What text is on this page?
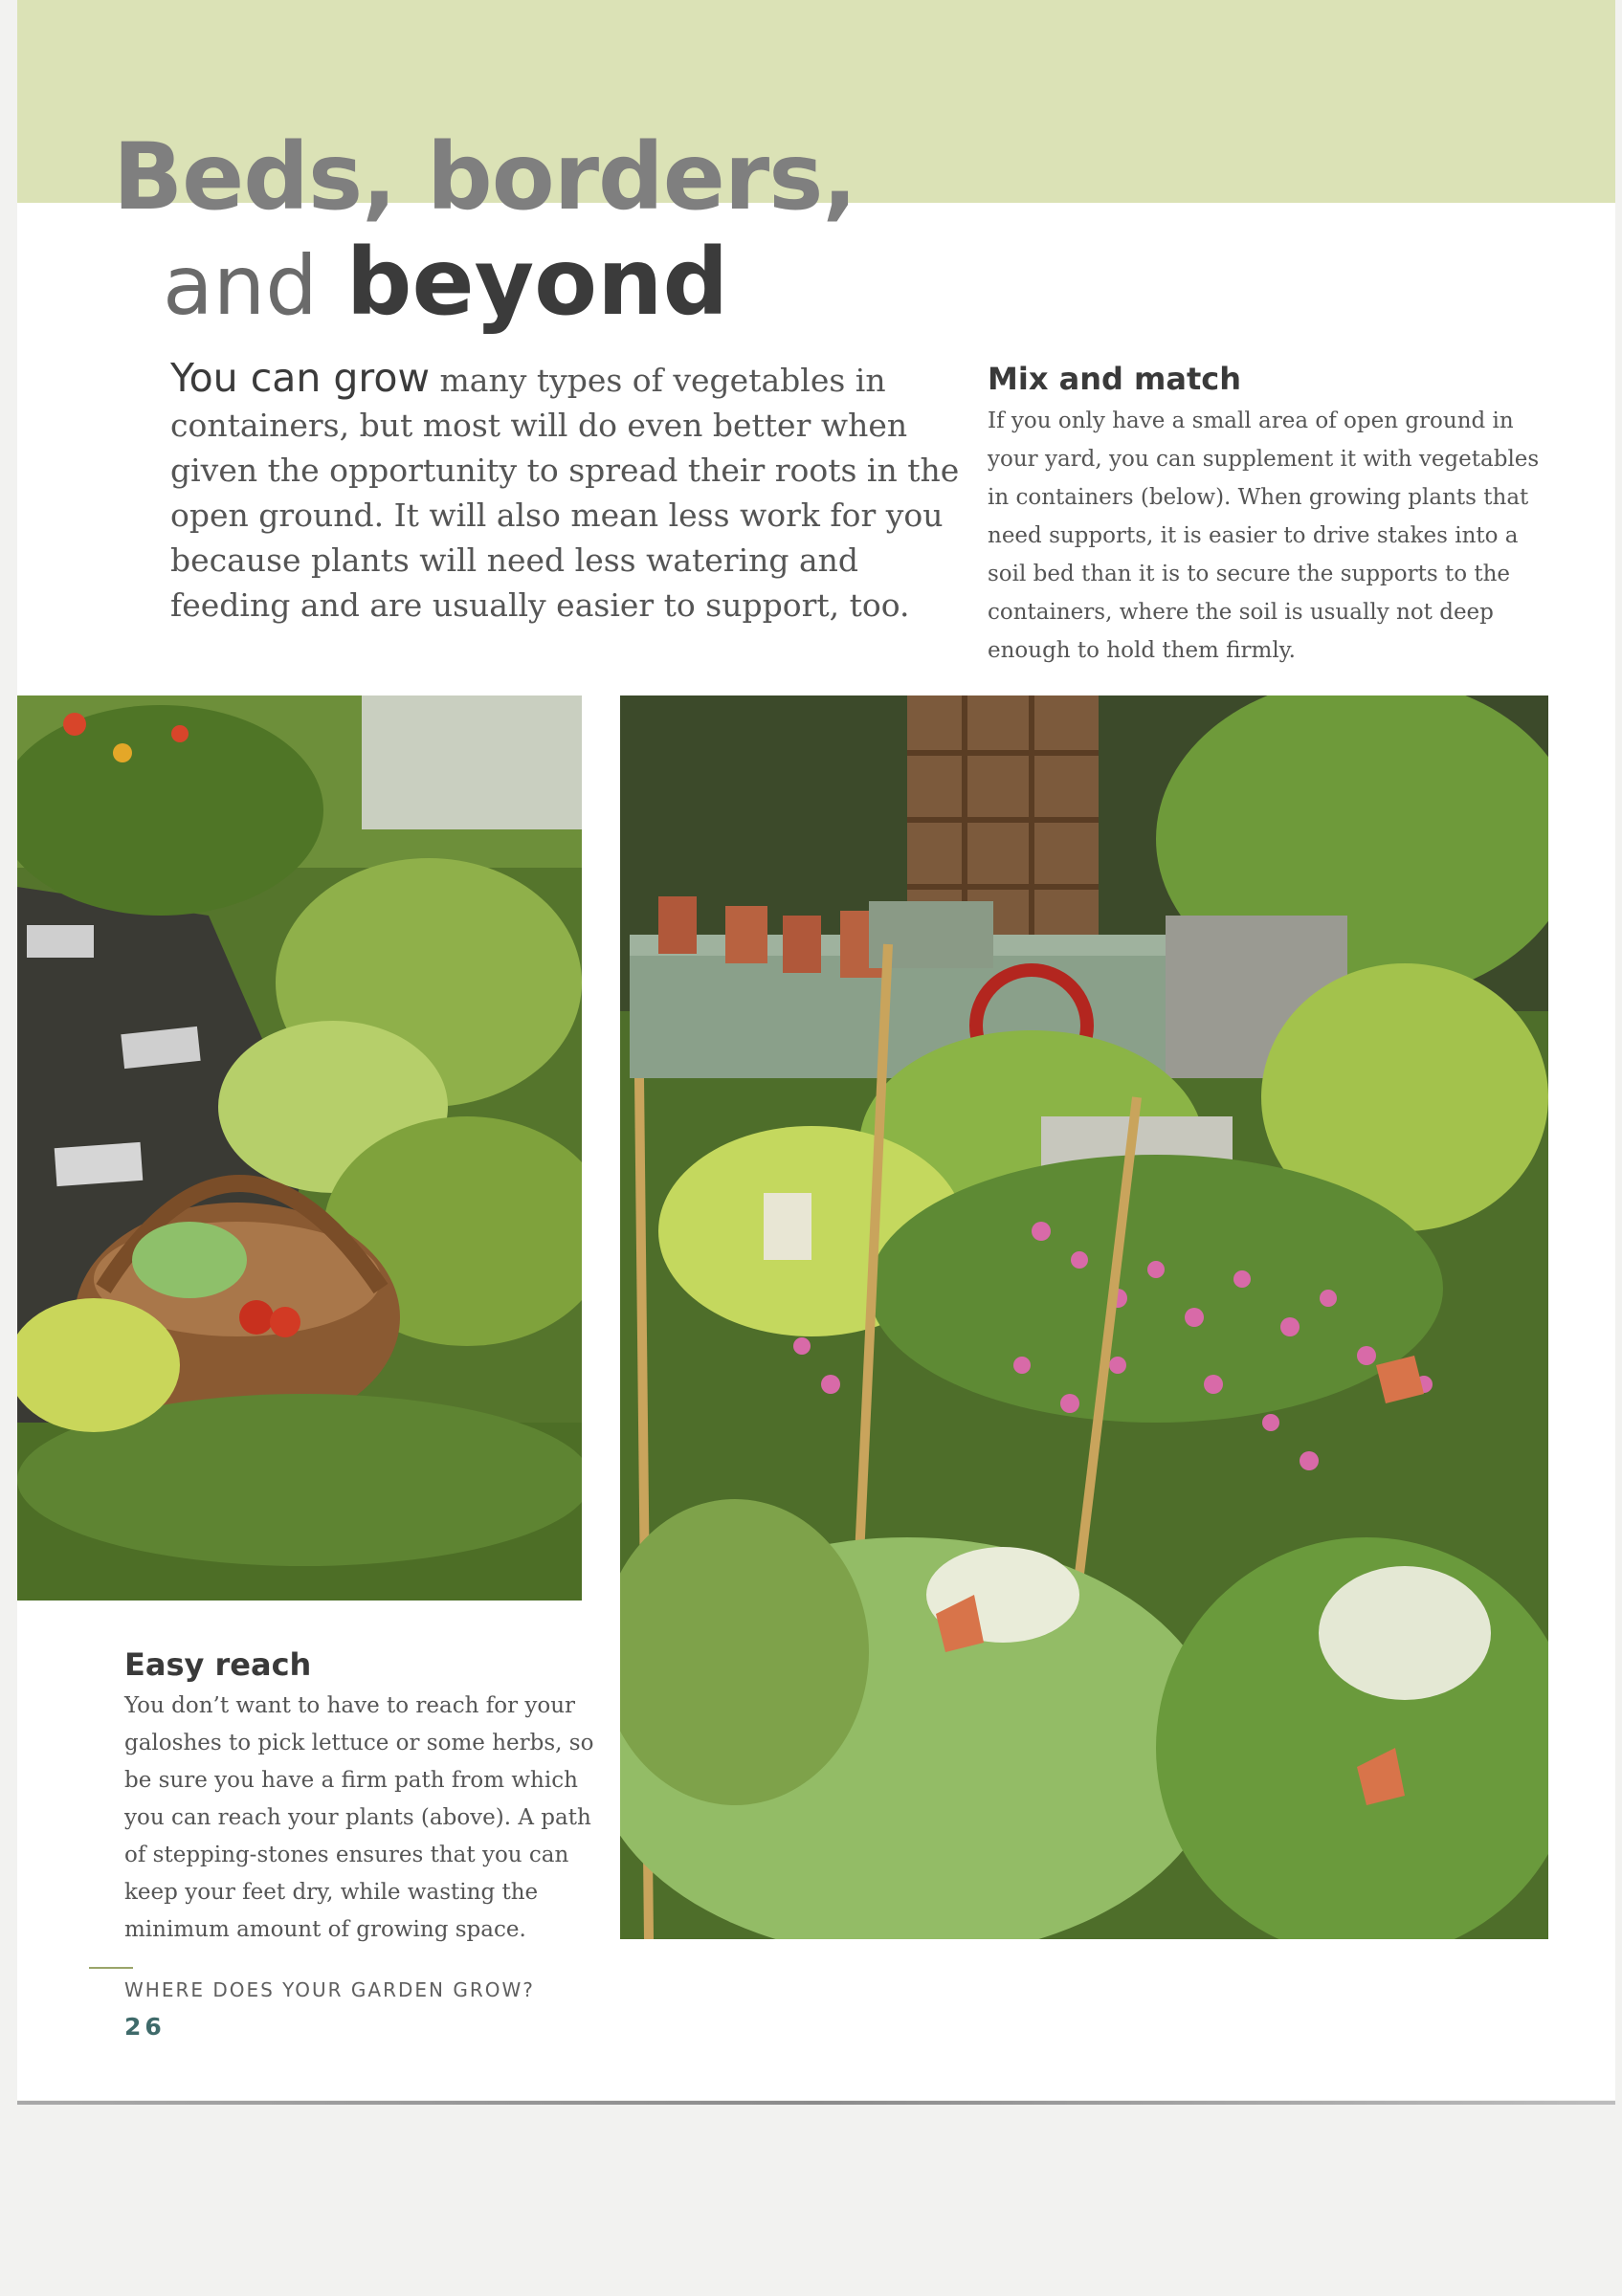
Beds, borders,
and beyond

You can grow many types of vegetables in containers, but most will do even better when given the opportunity to spread their roots in the open ground. It will also mean less work for you because plants will need less watering and feeding and are usually easier to support, too.

Mix and match

If you only have a small area of open ground in your yard, you can supplement it with vegetables in containers (below). When growing plants that need supports, it is easier to drive stakes into a soil bed than it is to secure the supports to the containers, where the soil is usually not deep enough to hold them firmly.

Easy reach

You don’t want to have to reach for your galoshes to pick lettuce or some herbs, so be sure you have a firm path from which you can reach your plants (above). A path of stepping-stones ensures that you can keep your feet dry, while wasting the minimum amount of growing space.

WHERE DOES YOUR GARDEN GROW?

26
